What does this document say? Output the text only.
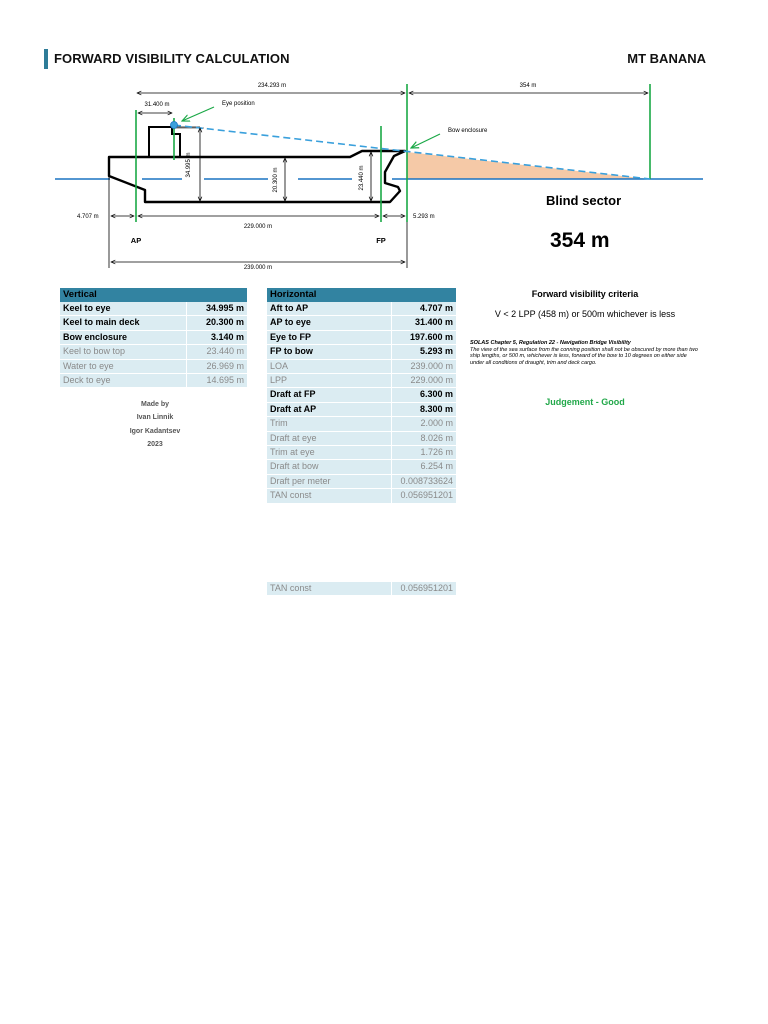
FORWARD VISIBILITY CALCULATION	MT BANANA
234.293 m	354 m
31.400 m
34.995 m
20.300 m	23.440 m
4.707 m
229.000 m
5.293 m
AP	FP
239.000 m
Eye position
Bow enclosure
Blind sector
354 m
Vertical	
Keel to eye	34.995 m
Keel to main deck	20.300 m
Bow enclosure	3.140 m
Keel to bow top	23.440 m
Water to eye	26.969 m
Deck to eye	14.695 m
Horizontal	
Aft to AP	4.707 m
AP to eye	31.400 m
Eye to FP	197.600 m
FP to bow	5.293 m
LOA	239.000 m
LPP	229.000 m
Draft at FP	6.300 m
Draft at AP	8.300 m
Trim	2.000 m
Draft at eye	8.026 m
Trim at eye	1.726 m
Draft at bow	6.254 m
Draft per meter	0.008733624
TAN const	0.056951201
TAN const	0.056951201
Made by
Ivan Linnik
Igor Kadantsev
2023
Forward visibility criteria
V < 2 LPP (458 m) or 500m whichever is less
SOLAS Chapter 5, Regulation 22 - Navigation Bridge Visibility
The view of the sea surface from the conning position shall not be obscured by more than two ship lengths, or 500 m, whichever is less, forward of the bow to 10 degrees on either side under all conditions of draught, trim and deck cargo.
Judgement - Good
